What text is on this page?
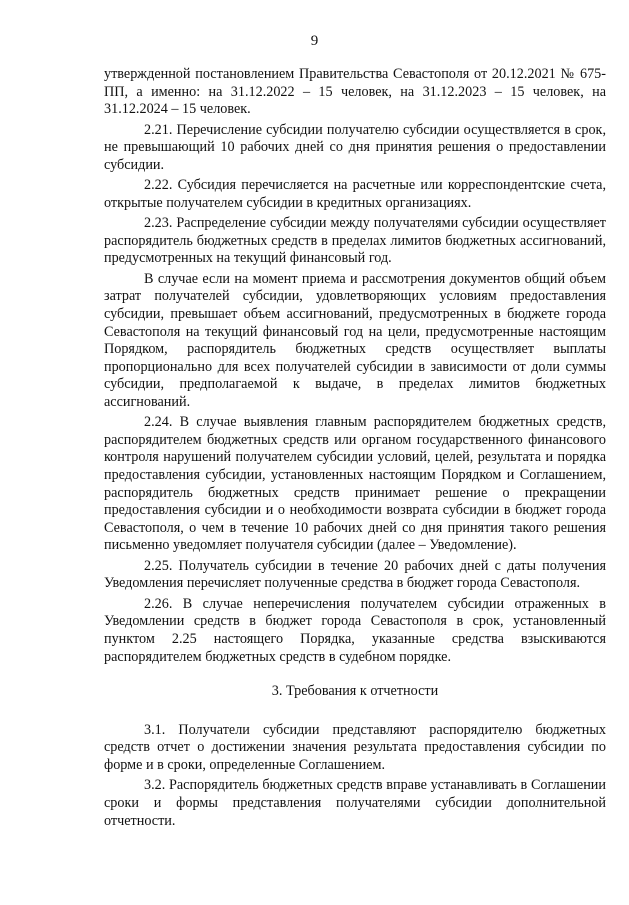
9

утвержденной постановлением Правительства Севастополя от 20.12.2021 № 675-ПП, а именно: на 31.12.2022 – 15 человек, на 31.12.2023 – 15 человек, на 31.12.2024 – 15 человек.

2.21. Перечисление субсидии получателю субсидии осуществляется в срок, не превышающий 10 рабочих дней со дня принятия решения о предоставлении субсидии.

2.22. Субсидия перечисляется на расчетные или корреспондентские счета, открытые получателем субсидии в кредитных организациях.

2.23. Распределение субсидии между получателями субсидии осуществляет распорядитель бюджетных средств в пределах лимитов бюджетных ассигнований, предусмотренных на текущий финансовый год.

В случае если на момент приема и рассмотрения документов общий объем затрат получателей субсидии, удовлетворяющих условиям предоставления субсидии, превышает объем ассигнований, предусмотренных в бюджете города Севастополя на текущий финансовый год на цели, предусмотренные настоящим Порядком, распорядитель бюджетных средств осуществляет выплаты пропорционально для всех получателей субсидии в зависимости от доли суммы субсидии, предполагаемой к выдаче, в пределах лимитов бюджетных ассигнований.

2.24. В случае выявления главным распорядителем бюджетных средств, распорядителем бюджетных средств или органом государственного финансового контроля нарушений получателем субсидии условий, целей, результата и порядка предоставления субсидии, установленных настоящим Порядком и Соглашением, распорядитель бюджетных средств принимает решение о прекращении предоставления субсидии и о необходимости возврата субсидии в бюджет города Севастополя, о чем в течение 10 рабочих дней со дня принятия такого решения письменно уведомляет получателя субсидии (далее – Уведомление).

2.25. Получатель субсидии в течение 20 рабочих дней с даты получения Уведомления перечисляет полученные средства в бюджет города Севастополя.

2.26. В случае неперечисления получателем субсидии отраженных в Уведомлении средств в бюджет города Севастополя в срок, установленный пунктом 2.25 настоящего Порядка, указанные средства взыскиваются распорядителем бюджетных средств в судебном порядке.

3. Требования к отчетности

3.1. Получатели субсидии представляют распорядителю бюджетных средств отчет о достижении значения результата предоставления субсидии по форме и в сроки, определенные Соглашением.

3.2. Распорядитель бюджетных средств вправе устанавливать в Соглашении сроки и формы представления получателями субсидии дополнительной отчетности.
